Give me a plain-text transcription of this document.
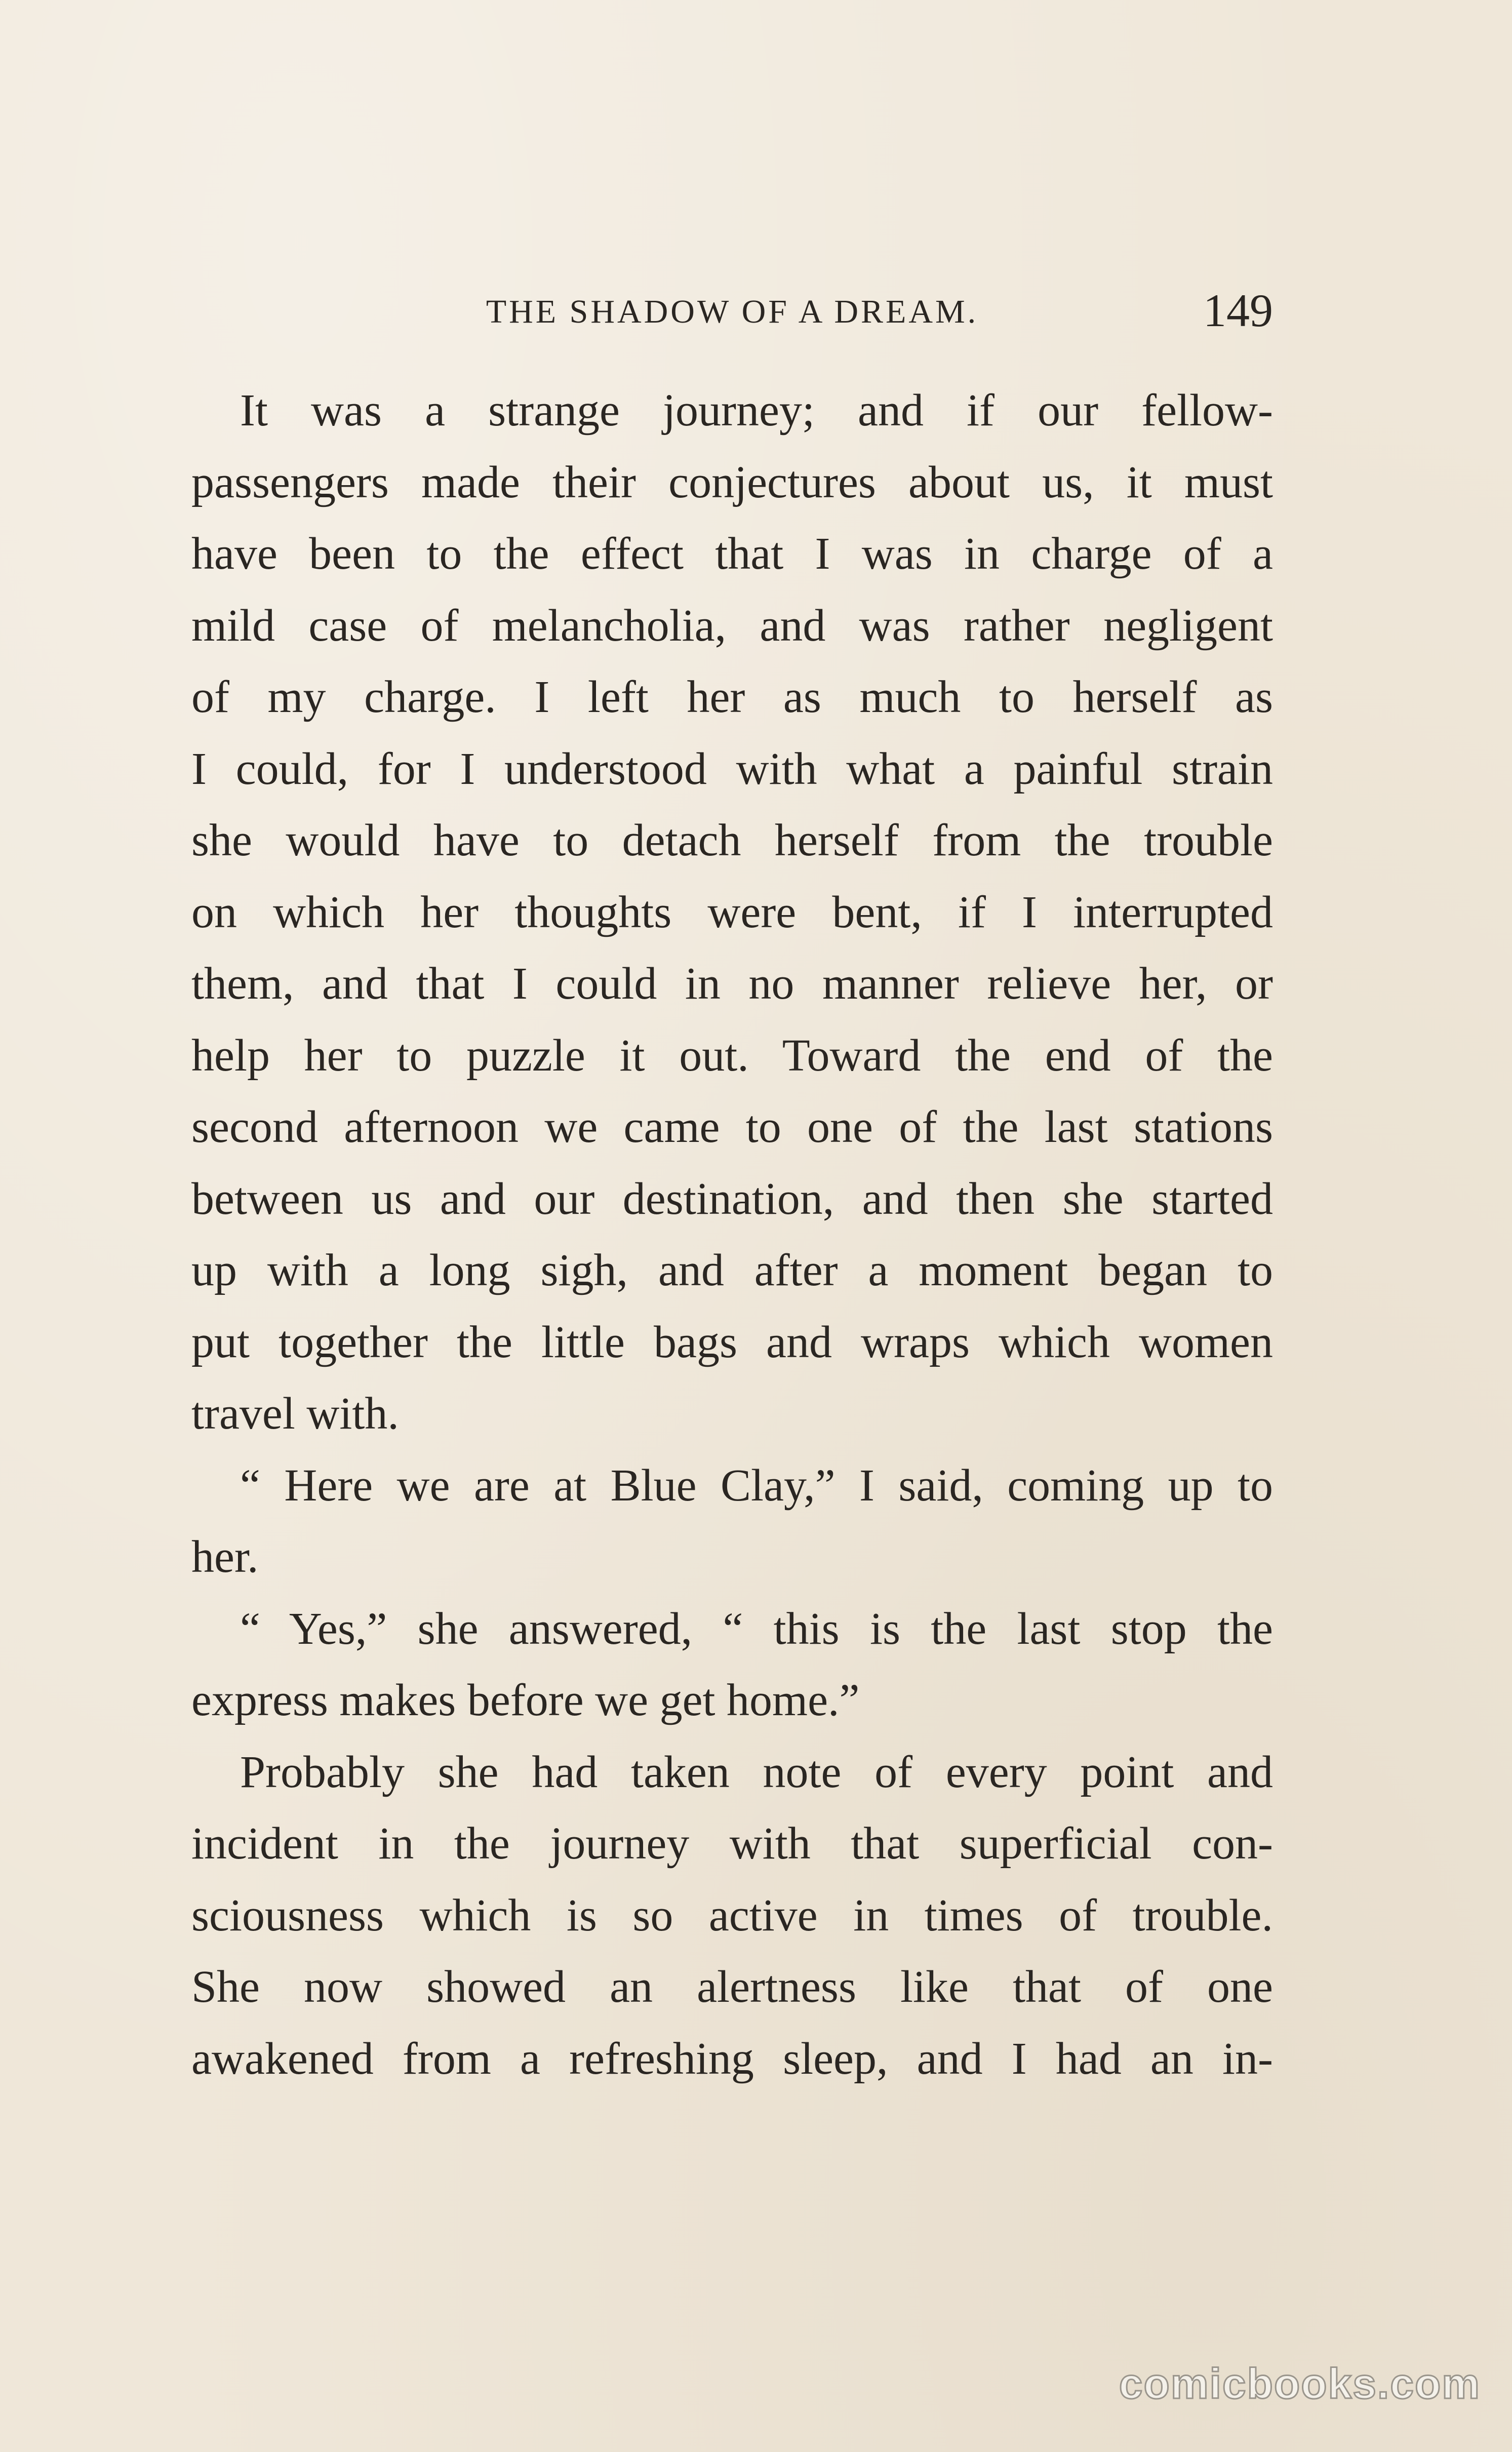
THE SHADOW OF A DREAM.	149

It was a strange journey; and if our fellow-
passengers made their conjectures about us, it must
have been to the effect that I was in charge of a
mild case of melancholia, and was rather negligent
of my charge. I left her as much to herself as
I could, for I understood with what a painful strain
she would have to detach herself from the trouble
on which her thoughts were bent, if I interrupted
them, and that I could in no manner relieve her, or
help her to puzzle it out. Toward the end of the
second afternoon we came to one of the last stations
between us and our destination, and then she started
up with a long sigh, and after a moment began to
put together the little bags and wraps which women
travel with.

“ Here we are at Blue Clay,” I said, coming up to
her.

“ Yes,” she answered, “ this is the last stop the
express makes before we get home.”

Probably she had taken note of every point and
incident in the journey with that superficial con-
sciousness which is so active in times of trouble.
She now showed an alertness like that of one
awakened from a refreshing sleep, and I had an in-

comicbooks.com
